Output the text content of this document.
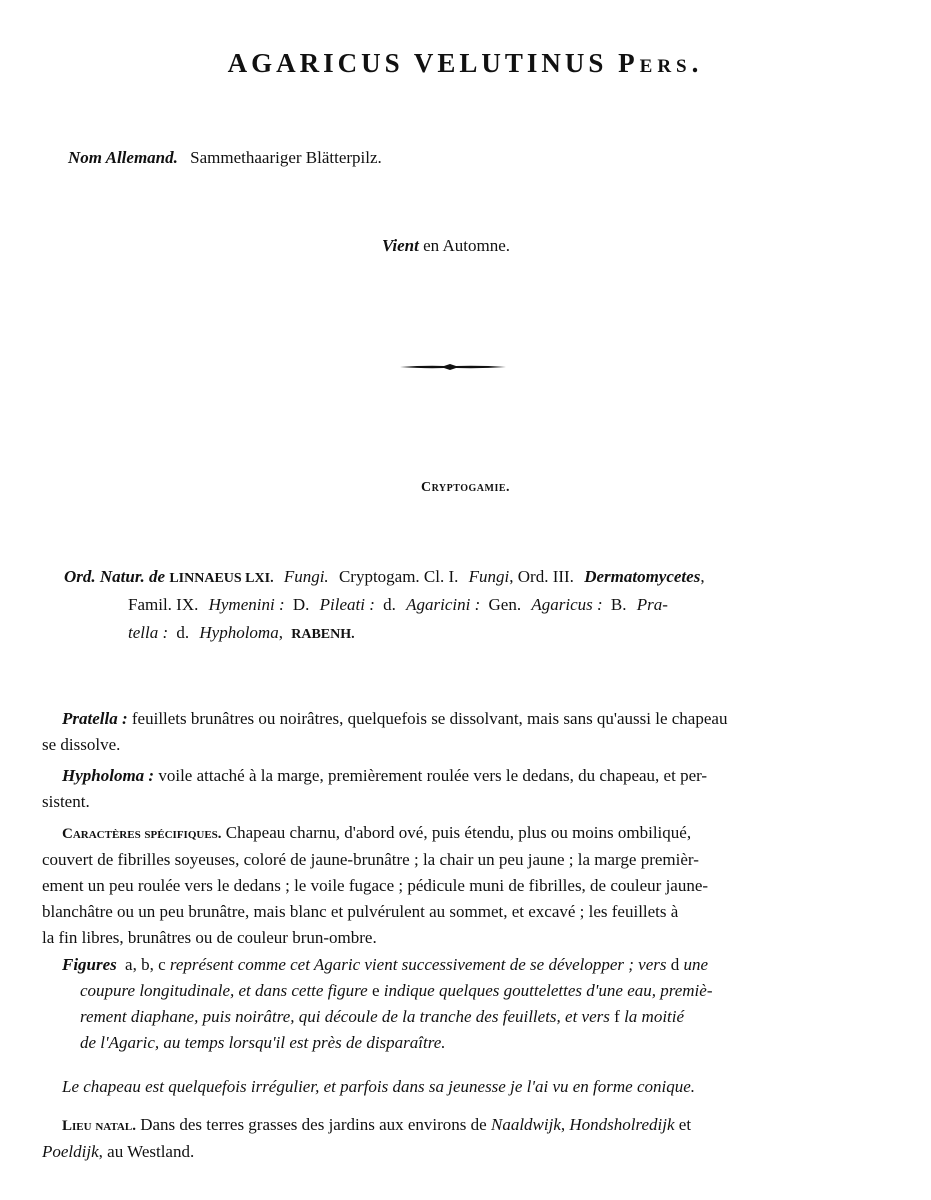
AGARICUS VELUTINUS Pers.

Nom Allemand. Sammethaariger Blätterpilz.

Vient en Automne.

Cryptogamie.

Ord. Natur. de LINNAEUS LXI. Fungi. Cryptogam. Cl. I. Fungi, Ord. III. Dermatomycetes,

Famil. IX. Hymenini : D. Pileati : d. Agaricini : Gen. Agaricus : B. Pra-

tella : d. Hypholoma, RABENH.

Pratella : feuillets brunâtres ou noirâtres, quelquefois se dissolvant, mais sans qu'aussi le chapeau
se dissolve.
Hypholoma : voile attaché à la marge, premièrement roulée vers le dedans, du chapeau, et per-
sistent.
Caractères spécifiques. Chapeau charnu, d'abord ové, puis étendu, plus ou moins ombiliqué,
couvert de fibrilles soyeuses, coloré de jaune-brunâtre ; la chair un peu jaune ; la marge premièr-
ement un peu roulée vers le dedans ; le voile fugace ; pédicule muni de fibrilles, de couleur jaune-
blanchâtre ou un peu brunâtre, mais blanc et pulvérulent au sommet, et excavé ; les feuillets à
la fin libres, brunâtres ou de couleur brun-ombre.
Figures a, b, c représent comme cet Agaric vient successivement de se développer ; vers d une
coupure longitudinale, et dans cette figure e indique quelques gouttelettes d'une eau, premiè-
rement diaphane, puis noirâtre, qui découle de la tranche des feuillets, et vers f la moitié
de l'Agaric, au temps lorsqu'il est près de disparaître.
Le chapeau est quelquefois irrégulier, et parfois dans sa jeunesse je l'ai vu en forme conique.
Lieu natal. Dans des terres grasses des jardins aux environs de Naaldwijk, Hondsholredijk et
Poeldijk, au Westland.
